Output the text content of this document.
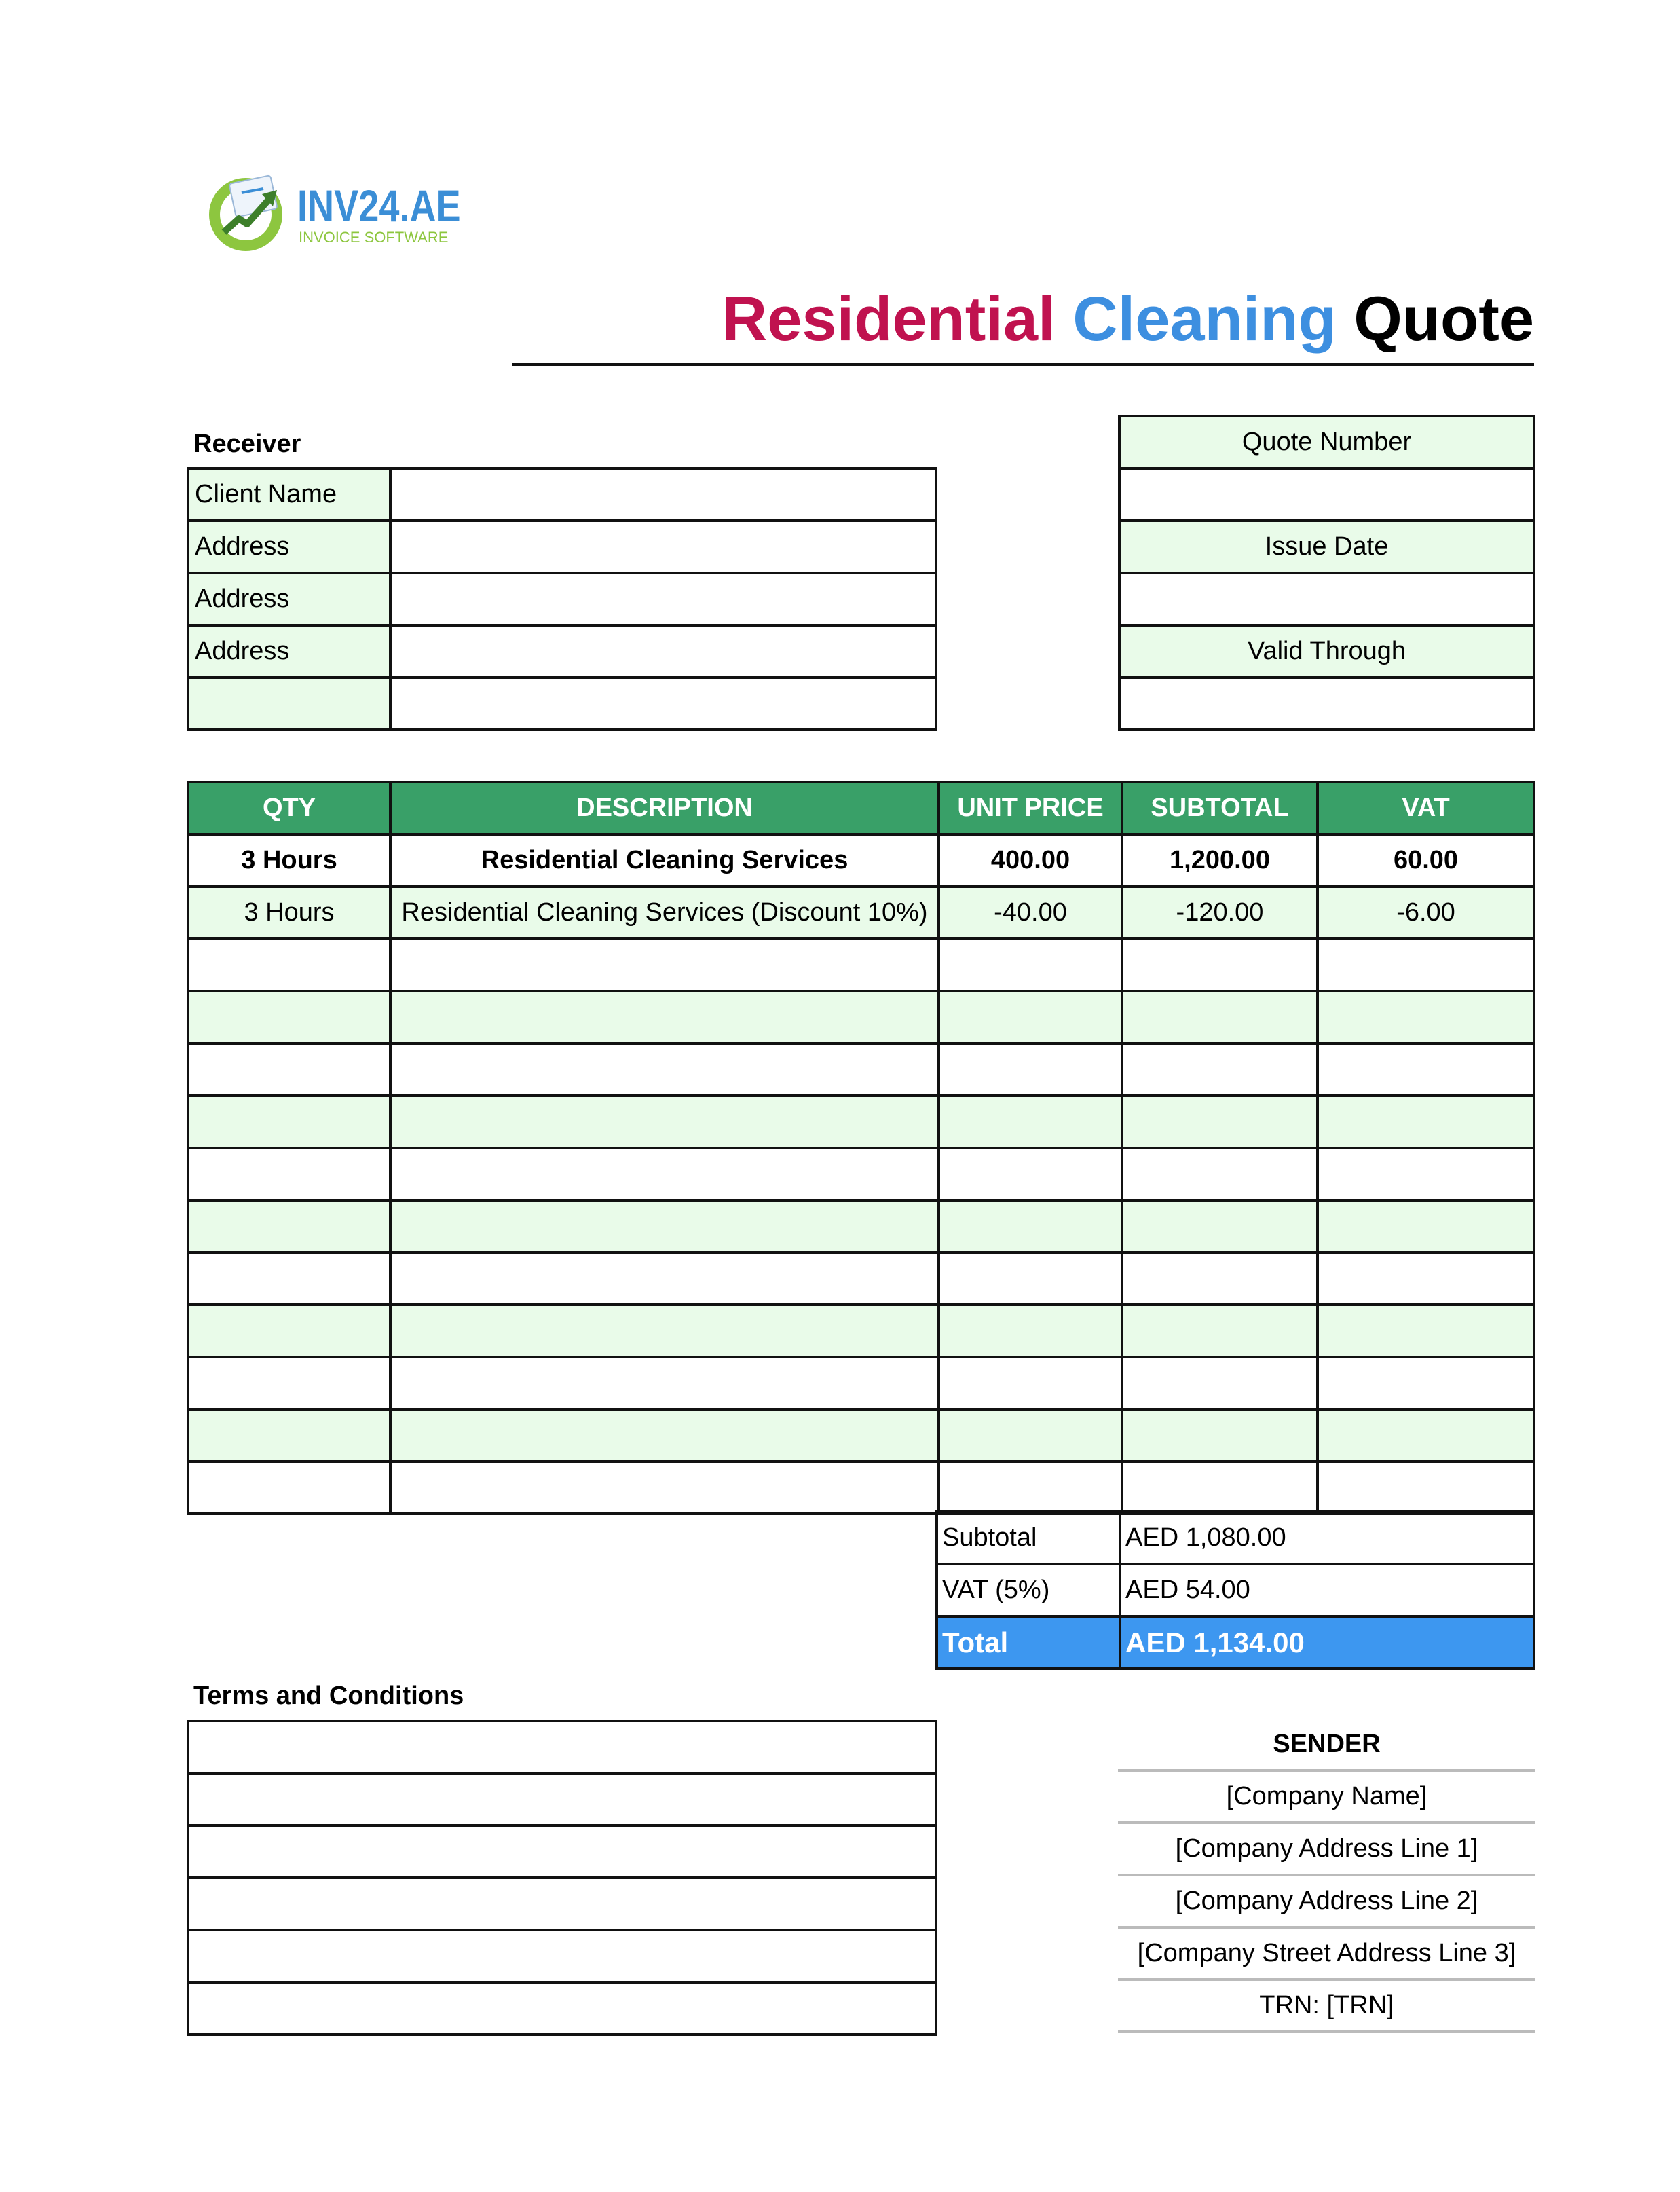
INV24.AE
INVOICE SOFTWARE
Residential Cleaning Quote
Receiver
Client Name	
Address	
Address	
Address	

Quote Number

Issue Date

Valid Through

QTY	DESCRIPTION	UNIT PRICE	SUBTOTAL	VAT
3 Hours	Residential Cleaning Services	400.00	1,200.00	60.00
3 Hours	Residential Cleaning Services (Discount 10%)	-40.00	-120.00	-6.00

Subtotal	AED 1,080.00
VAT (5%)	AED 54.00
Total	AED 1,134.00
Terms and Conditions

SENDER
[Company Name]
[Company Address Line 1]
[Company Address Line 2]
[Company Street Address Line 3]
TRN: [TRN]
